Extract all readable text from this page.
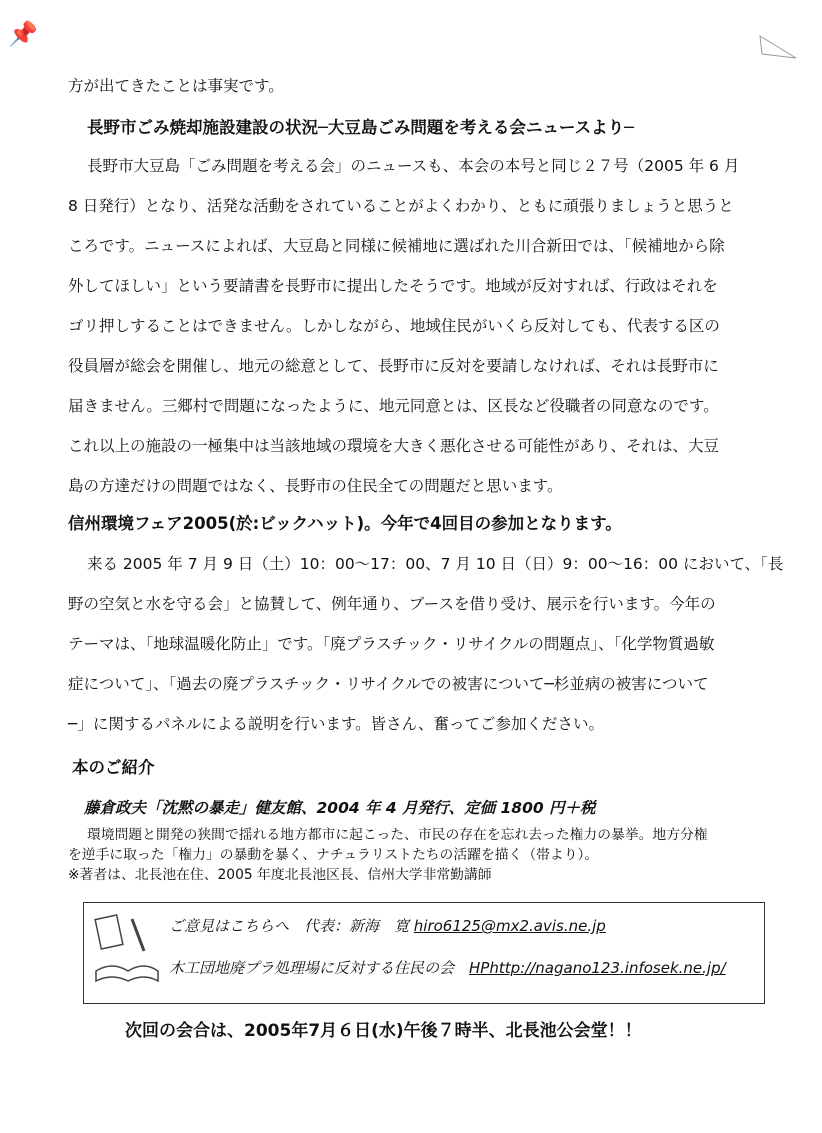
📌
方が出てきたことは事実です。
長野市ごみ焼却施設建設の状況─大豆島ごみ問題を考える会ニュースより─
長野市大豆島「ごみ問題を考える会」のニュースも、本会の本号と同じ２７号（2005 年 6 月
8 日発行）となり、活発な活動をされていることがよくわかり、ともに頑張りましょうと思うと
ころです。ニュースによれば、大豆島と同様に候補地に選ばれた川合新田では、「候補地から除
外してほしい」という要請書を長野市に提出したそうです。地域が反対すれば、行政はそれを
ゴリ押しすることはできません。しかしながら、地域住民がいくら反対しても、代表する区の
役員層が総会を開催し、地元の総意として、長野市に反対を要請しなければ、それは長野市に
届きません。三郷村で問題になったように、地元同意とは、区長など役職者の同意なのです。
これ以上の施設の一極集中は当該地域の環境を大きく悪化させる可能性があり、それは、大豆
島の方達だけの問題ではなく、長野市の住民全ての問題だと思います。
信州環境フェア2005(於:ビックハット)。今年で4回目の参加となります。
来る 2005 年 7 月 9 日（土）10：00～17：00、7 月 10 日（日）9：00～16：00 において、「長
野の空気と水を守る会」と協賛して、例年通り、ブースを借り受け、展示を行います。今年の
テーマは、「地球温暖化防止」です。「廃プラスチック・リサイクルの問題点」、「化学物質過敏
症について」、「過去の廃プラスチック・リサイクルでの被害について─杉並病の被害について
─」に関するパネルによる説明を行います。皆さん、奮ってご参加ください。
本のご紹介
藤倉政夫「沈黙の暴走」健友館、2004 年 4 月発行、定価 1800 円＋税
環境問題と開発の狭間で揺れる地方都市に起こった、市民の存在を忘れ去った権力の暴挙。地方分権
を逆手に取った「権力」の暴動を暴く、ナチュラリストたちの活躍を描く（帯より）。
※著者は、北長池在住、2005 年度北長池区長、信州大学非常勤講師
ご意見はこちらへ　代表：新海　寛 hiro6125@mx2.avis.ne.jp
木工団地廃プラ処理場に反対する住民の会　HPhttp://nagano123.infosek.ne.jp/
次回の会合は、2005年7月６日(水)午後７時半、北長池公会堂！！
